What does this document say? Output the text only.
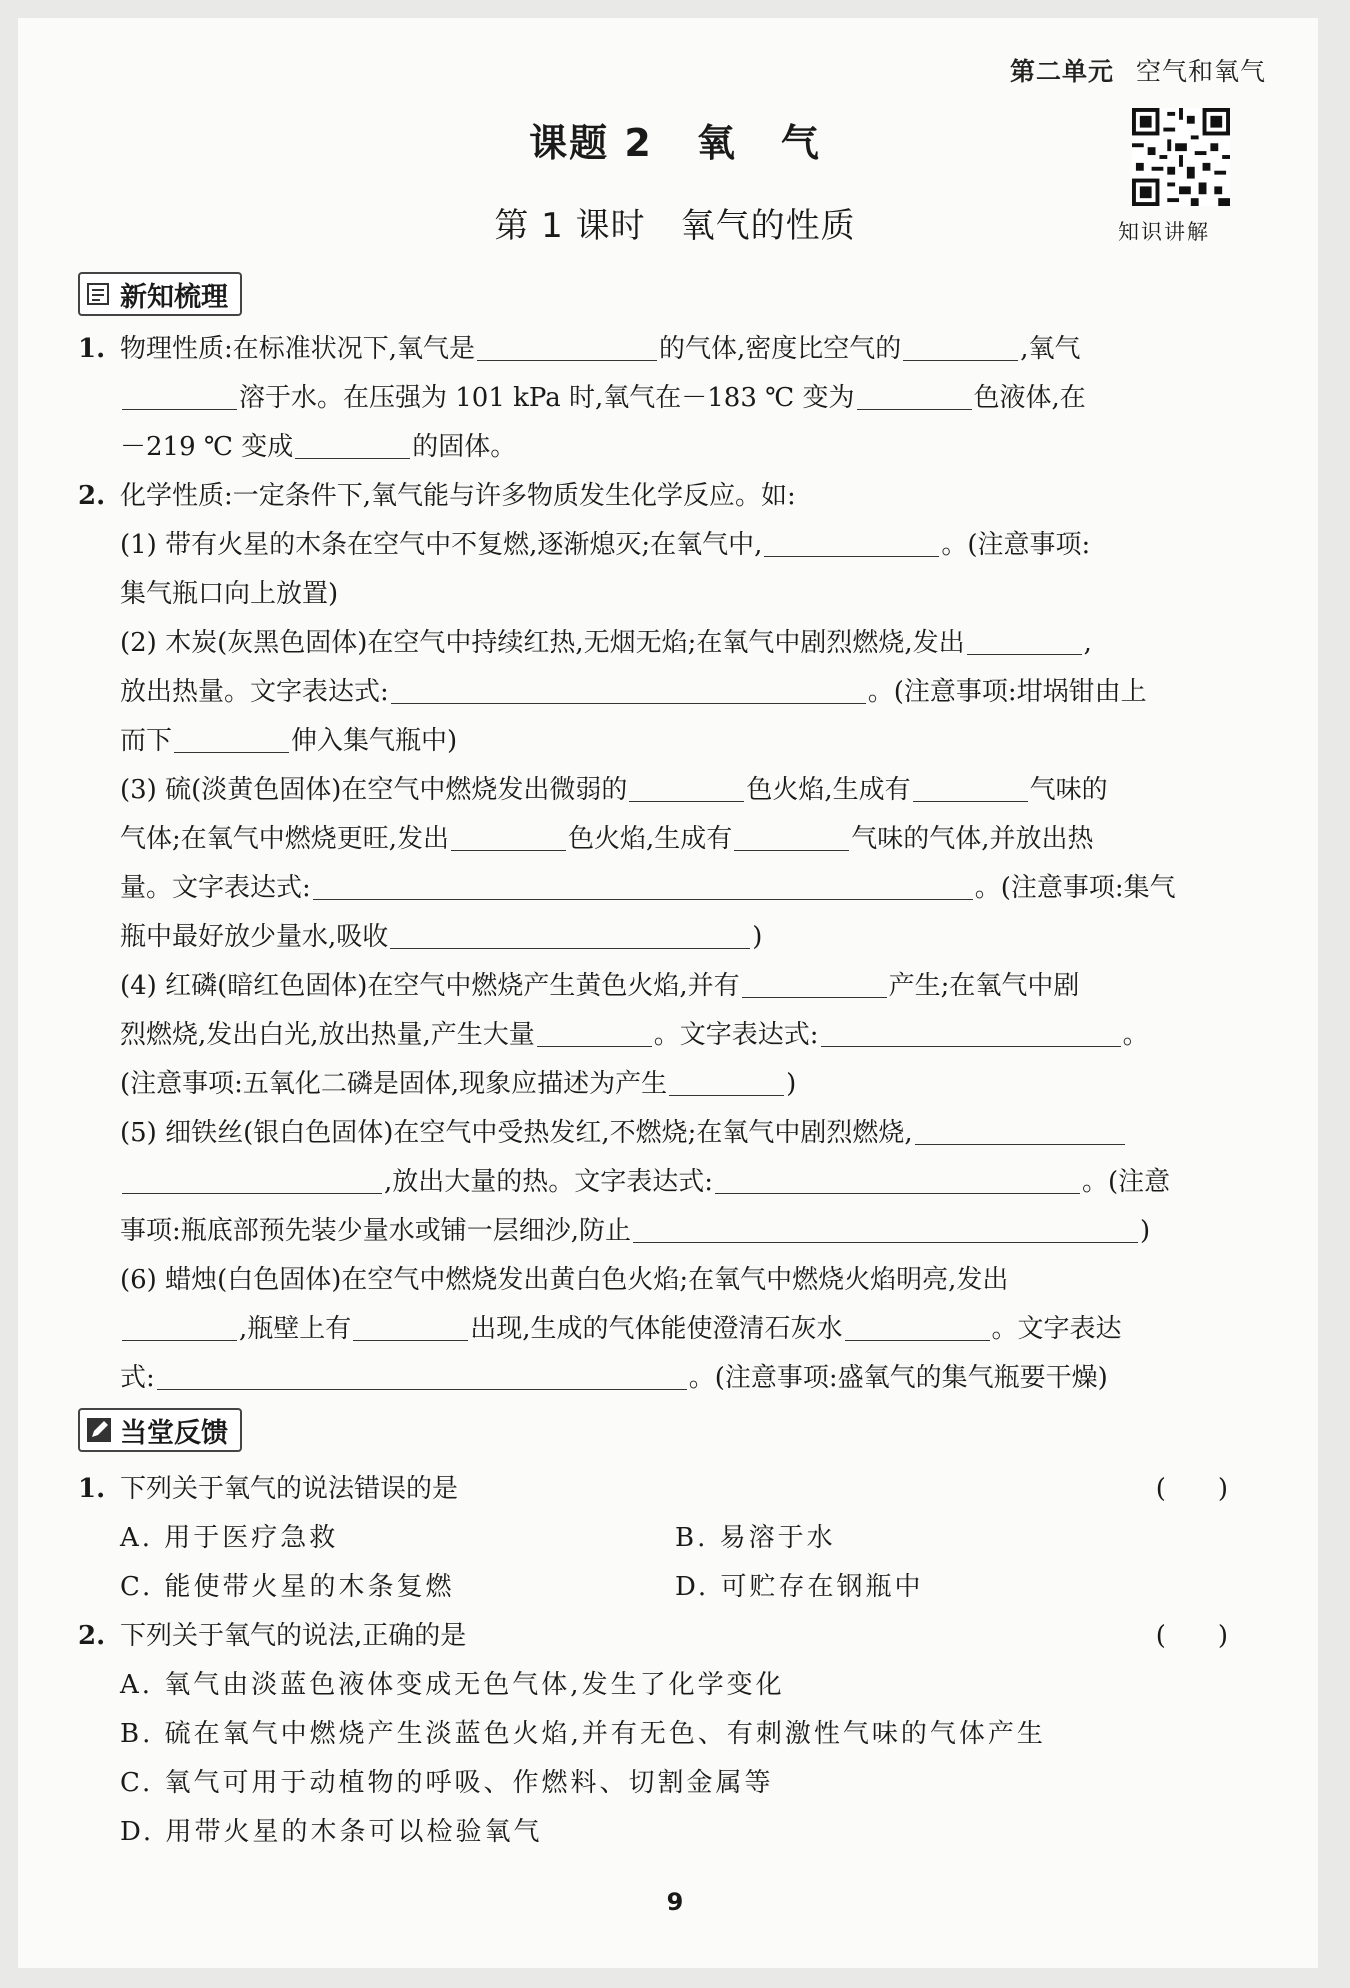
第二单元 空气和氧气
课题 2 氧 气
第 1 课时　氧气的性质	知识讲解
新知梳理
1. 物理性质:在标准状况下,氧气是	的气体,密度比空气的	,氧气
溶于水。在压强为 101 kPa 时,氧气在－183 ℃ 变为	色液体,在
－219 ℃ 变成	的固体。
2. 化学性质:一定条件下,氧气能与许多物质发生化学反应。如:
(1) 带有火星的木条在空气中不复燃,逐渐熄灭;在氧气中,	。(注意事项:
集气瓶口向上放置)
(2) 木炭(灰黑色固体)在空气中持续红热,无烟无焰;在氧气中剧烈燃烧,发出	,
放出热量。文字表达式:	。(注意事项:坩埚钳由上
而下	伸入集气瓶中)
(3) 硫(淡黄色固体)在空气中燃烧发出微弱的	色火焰,生成有	气味的
气体;在氧气中燃烧更旺,发出	色火焰,生成有	气味的气体,并放出热
量。文字表达式:	。(注意事项:集气
瓶中最好放少量水,吸收	)
(4) 红磷(暗红色固体)在空气中燃烧产生黄色火焰,并有	产生;在氧气中剧
烈燃烧,发出白光,放出热量,产生大量	。文字表达式:	。
(注意事项:五氧化二磷是固体,现象应描述为产生	)
(5) 细铁丝(银白色固体)在空气中受热发红,不燃烧;在氧气中剧烈燃烧,
,放出大量的热。文字表达式:	。(注意
事项:瓶底部预先装少量水或铺一层细沙,防止	)
(6) 蜡烛(白色固体)在空气中燃烧发出黄白色火焰;在氧气中燃烧火焰明亮,发出
,瓶壁上有	出现,生成的气体能使澄清石灰水	。文字表达
式:	。(注意事项:盛氧气的集气瓶要干燥)
当堂反馈
1.	(　　)
下列关于氧气的说法错误的是
A. 用于医疗急救	B. 易溶于水
C. 能使带火星的木条复燃	D. 可贮存在钢瓶中
2.	(　　)
下列关于氧气的说法,正确的是
A. 氧气由淡蓝色液体变成无色气体,发生了化学变化
B. 硫在氧气中燃烧产生淡蓝色火焰,并有无色、有刺激性气味的气体产生
C. 氧气可用于动植物的呼吸、作燃料、切割金属等
D. 用带火星的木条可以检验氧气
9
